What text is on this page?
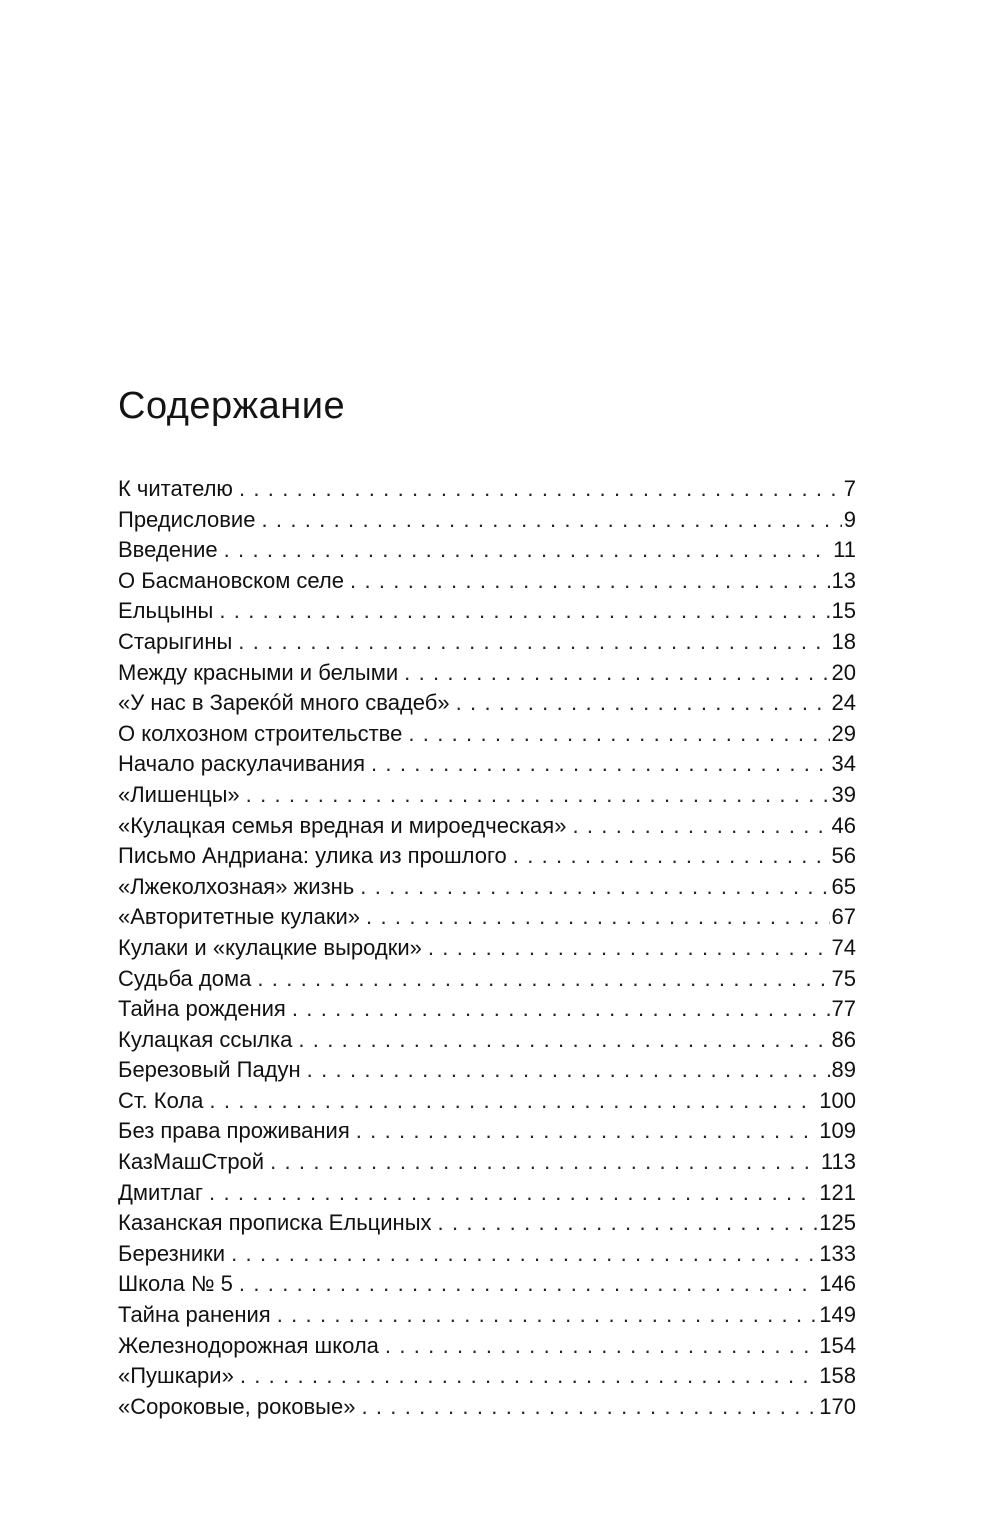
Содержание
К читателю . . .	7
Предисловие . . .	9
Введение . . .	11
О Басмановском селе . . .	13
Ельцыны . . .	15
Старыгины . . .	18
Между красными и белыми . . .	20
«У нас в Зарекóй много свадеб» . . .	24
О колхозном строительстве . . .	29
Начало раскулачивания . . .	34
«Лишенцы» . . .	39
«Кулацкая семья вредная и мироедческая» . . .	46
Письмо Андриана: улика из прошлого . . .	56
«Лжеколхозная» жизнь . . .	65
«Авторитетные кулаки» . . .	67
Кулаки и «кулацкие выродки» . . .	74
Судьба дома . . .	75
Тайна рождения . . .	77
Кулацкая ссылка . . .	86
Березовый Падун . . .	89
Ст. Кола . . .	100
Без права проживания . . .	109
КазМашСтрой . . .	113
Дмитлаг . . .	121
Казанская прописка Ельциных . . .	125
Березники . . .	133
Школа № 5 . . .	146
Тайна ранения . . .	149
Железнодорожная школа . . .	154
«Пушкари» . . .	158
«Сороковые, роковые» . . .	170
